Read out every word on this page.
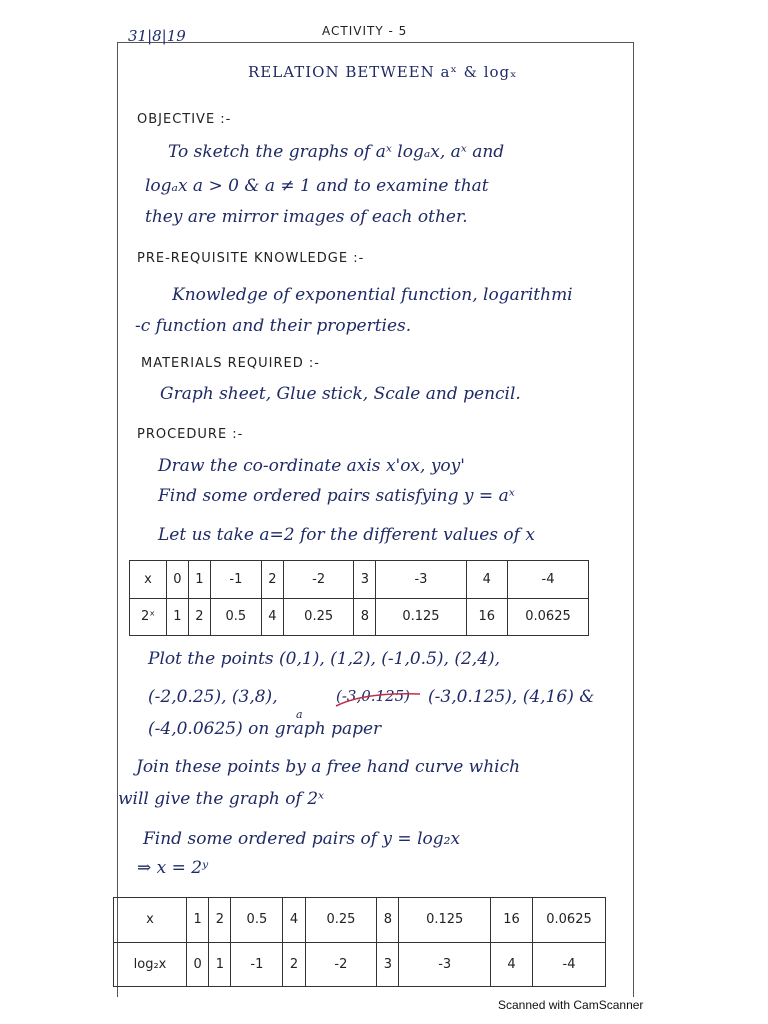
31|8|19	ACTIVITY - 5
RELATION BETWEEN aˣ & logₓ
OBJECTIVE :-
To sketch the graphs of aˣ logₐx, aˣ and
logₐx a > 0 & a ≠ 1 and to examine that
they are mirror images of each other.
PRE-REQUISITE KNOWLEDGE :-
Knowledge of exponential function, logarithmi
-c function and their properties.
MATERIALS REQUIRED :-
Graph sheet, Glue stick, Scale and pencil.
PROCEDURE :-
Draw the co-ordinate axis x'ox, yoy'
Find some ordered pairs satisfying y = aˣ
Let us take a=2 for the different values of x
x	0	1	-1	2	-2	3	-3	4	-4
2ˣ	1	2	0.5	4	0.25	8	0.125	16	0.0625
Plot the points (0,1), (1,2), (-1,0.5), (2,4),
(-2,0.25), (3,8),	(-3,0.125) (-3,0.125), (4,16) &
(-4,0.0625) on graph paper
a
Join these points by a free hand curve which
will give the graph of 2ˣ
Find some ordered pairs of y = log₂x
⇒ x = 2ʸ
x	1	2	0.5	4	0.25	8	0.125	16	0.0625
log₂x	0	1	-1	2	-2	3	-3	4	-4
Scanned with CamScanner
